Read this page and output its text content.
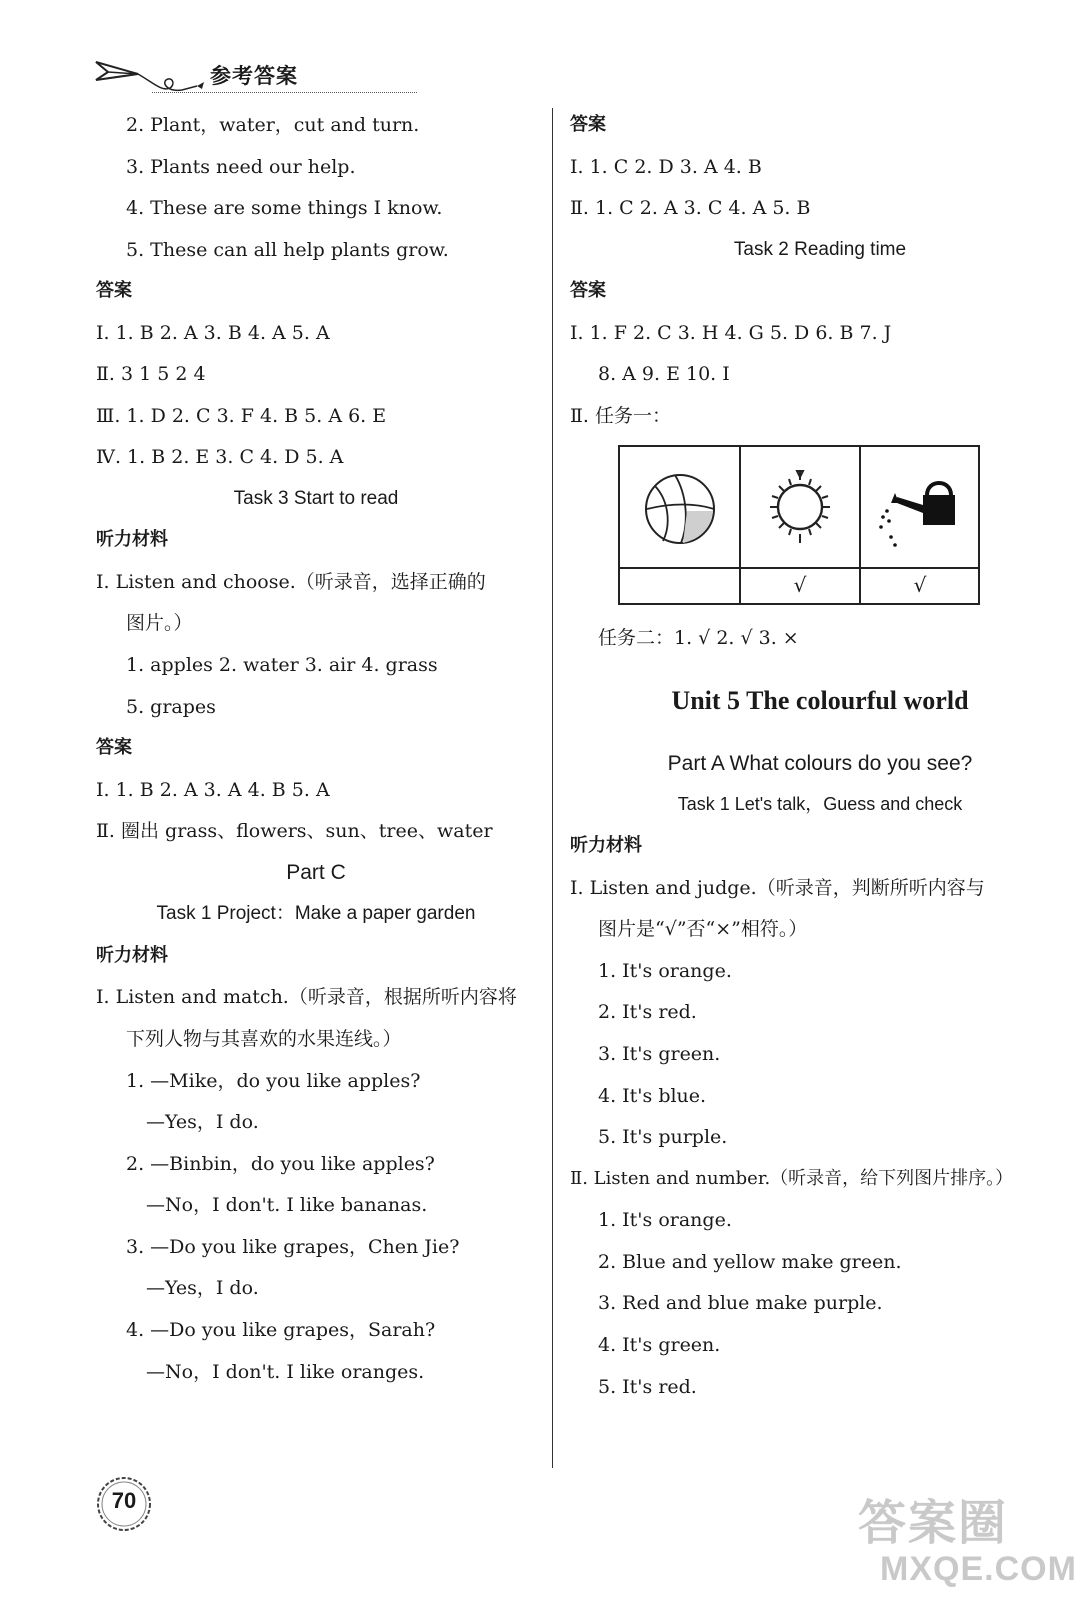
参考答案
2. Plant，water，cut and turn.
3. Plants need our help.
4. These are some things I know.
5. These can all help plants grow.
答案
Ⅰ. 1. B 2. A 3. B 4. A 5. A
Ⅱ. 3 1 5 2 4
Ⅲ. 1. D 2. C 3. F 4. B 5. A 6. E
Ⅳ. 1. B 2. E 3. C 4. D 5. A
Task 3 Start to read
听力材料
Ⅰ. Listen and choose.（听录音，选择正确的
图片。）
1. apples 2. water 3. air 4. grass
5. grapes
答案
Ⅰ. 1. B 2. A 3. A 4. B 5. A
Ⅱ. 圈出 grass、flowers、sun、tree、water
Part C
Task 1 Project：Make a paper garden
听力材料
Ⅰ. Listen and match.（听录音，根据所听内容将
下列人物与其喜欢的水果连线。）
1. —Mike，do you like apples?
—Yes，I do.
2. —Binbin，do you like apples?
—No，I don't. I like bananas.
3. —Do you like grapes，Chen Jie?
—Yes，I do.
4. —Do you like grapes，Sarah?
—No，I don't. I like oranges.
答案
Ⅰ. 1. C 2. D 3. A 4. B
Ⅱ. 1. C 2. A 3. C 4. A 5. B
Task 2 Reading time
答案
Ⅰ. 1. F 2. C 3. H 4. G 5. D 6. B 7. J
8. A 9. E 10. I
Ⅱ. 任务一：
√	√
任务二：1. √ 2. √ 3. ×
Unit 5 The colourful world
Part A What colours do you see?
Task 1 Let's talk，Guess and check
听力材料
Ⅰ. Listen and judge.（听录音，判断所听内容与
图片是“√”否“×”相符。）
1. It's orange.
2. It's red.
3. It's green.
4. It's blue.
5. It's purple.
Ⅱ. Listen and number.（听录音，给下列图片排序。）
1. It's orange.
2. Blue and yellow make green.
3. Red and blue make purple.
4. It's green.
5. It's red.
70	答案圈
MXQE.COM
